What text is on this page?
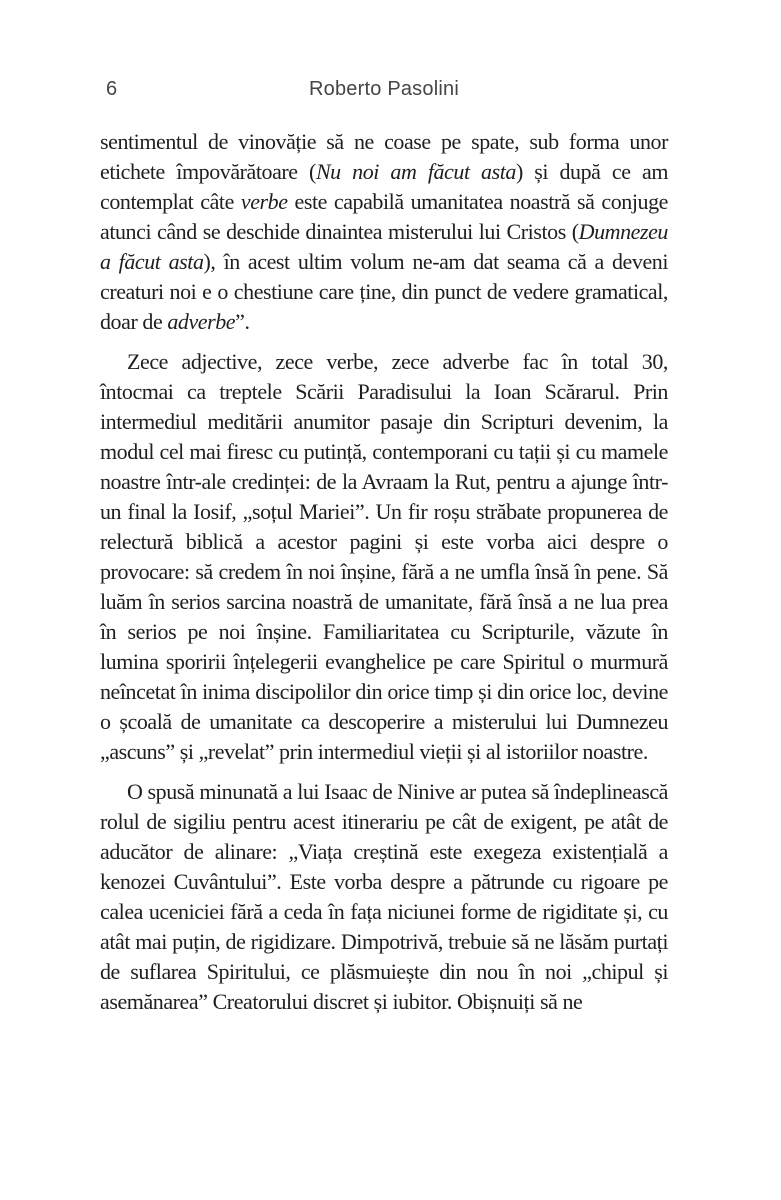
6	Roberto Pasolini

sentimentul de vinovăție să ne coase pe spate, sub forma unor etichete împovărătoare (Nu noi am făcut asta) și după ce am contemplat câte verbe este capabilă umanitatea noastră să conjuge atunci când se deschide dinaintea misterului lui Cristos (Dumnezeu a făcut asta), în acest ultim volum ne-am dat seama că a deveni creaturi noi e o chestiune care ține, din punct de vedere gramatical, doar de adverbe”.

Zece adjective, zece verbe, zece adverbe fac în total 30, întocmai ca treptele Scării Paradisului la Ioan Scărarul. Prin intermediul meditării anumitor pasaje din Scripturi devenim, la modul cel mai firesc cu putință, contemporani cu tații și cu mamele noastre într-ale credinței: de la Avraam la Rut, pentru a ajunge într-un final la Iosif, „soțul Mariei”. Un fir roșu străbate propunerea de relectură biblică a acestor pagini și este vorba aici despre o provocare: să credem în noi înșine, fără a ne umfla însă în pene. Să luăm în serios sarcina noastră de umanitate, fără însă a ne lua prea în serios pe noi înșine. Familiaritatea cu Scripturile, văzute în lumina sporirii înțelegerii evanghelice pe care Spiritul o murmură neîncetat în inima discipolilor din orice timp și din orice loc, devine o școală de umanitate ca descoperire a misterului lui Dumnezeu „ascuns” și „revelat” prin intermediul vieții și al istoriilor noastre.

O spusă minunată a lui Isaac de Ninive ar putea să îndeplinească rolul de sigiliu pentru acest itinerariu pe cât de exigent, pe atât de aducător de alinare: „Viața creștină este exegeza existențială a kenozei Cuvântului”. Este vorba despre a pătrunde cu rigoare pe calea uceniciei fără a ceda în fața niciunei forme de rigiditate și, cu atât mai puțin, de rigidizare. Dimpotrivă, trebuie să ne lăsăm purtați de suflarea Spiritului, ce plăsmuiește din nou în noi „chipul și asemănarea” Creatorului discret și iubitor. Obișnuiți să ne
